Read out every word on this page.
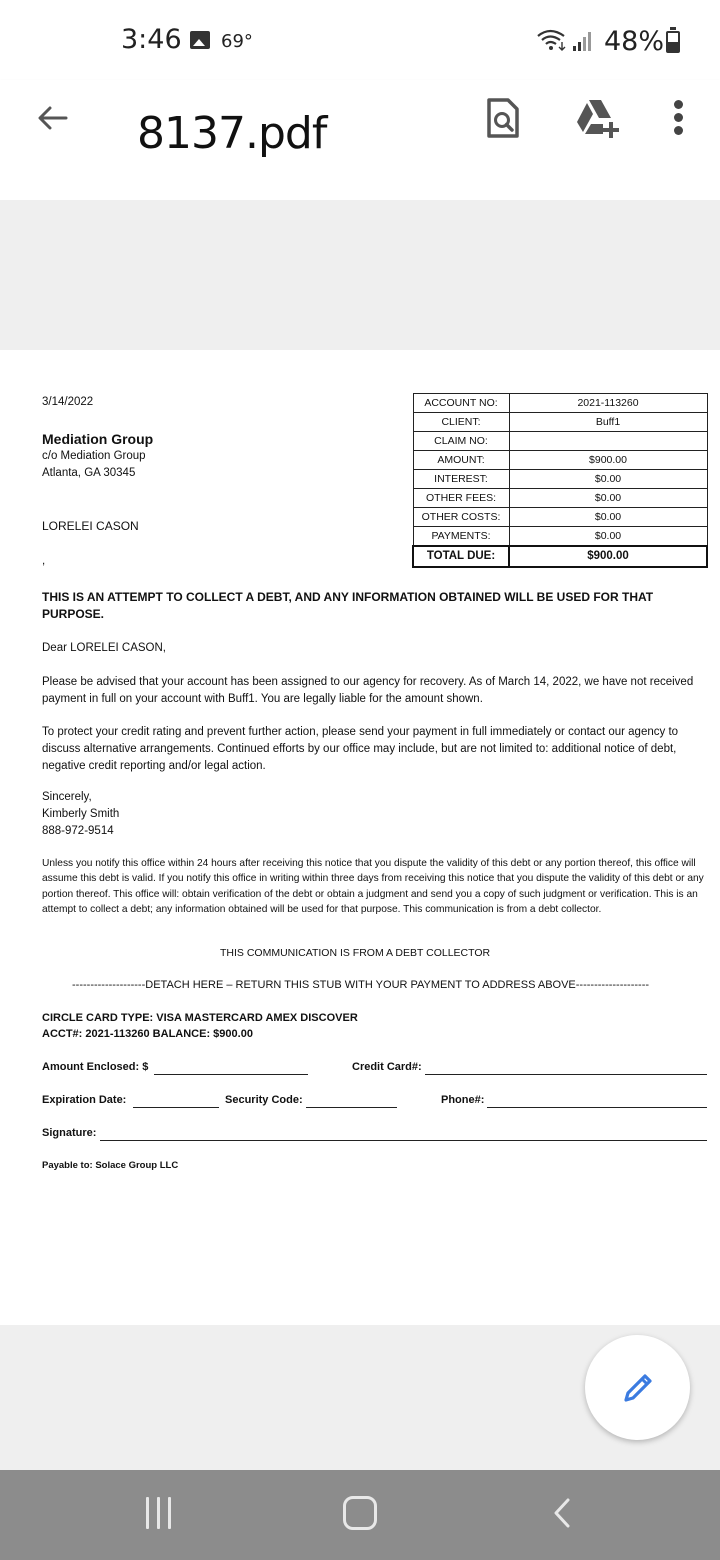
3:46 69°	48%
8137.pdf
3/14/2022
Mediation Group
c/o Mediation Group
Atlanta, GA 30345
LORELEI CASON
,
ACCOUNT NO:	2021-113260
CLIENT:	Buff1
CLAIM NO:	
AMOUNT:	$900.00
INTEREST:	$0.00
OTHER FEES:	$0.00
OTHER COSTS:	$0.00
PAYMENTS:	$0.00
TOTAL DUE:	$900.00
THIS IS AN ATTEMPT TO COLLECT A DEBT, AND ANY INFORMATION OBTAINED WILL BE USED FOR THAT PURPOSE.
Dear LORELEI CASON,
Please be advised that your account has been assigned to our agency for recovery. As of March 14, 2022, we have not received payment in full on your account with Buff1. You are legally liable for the amount shown.
To protect your credit rating and prevent further action, please send your payment in full immediately or contact our agency to discuss alternative arrangements. Continued efforts by our office may include, but are not limited to: additional notice of debt, negative credit reporting and/or legal action.
Sincerely,
Kimberly Smith
888-972-9514
Unless you notify this office within 24 hours after receiving this notice that you dispute the validity of this debt or any portion thereof, this office will assume this debt is valid. If you notify this office in writing within three days from receiving this notice that you dispute the validity of this debt or any portion thereof. This office will: obtain verification of the debt or obtain a judgment and send you a copy of such judgment or verification. This is an attempt to collect a debt; any information obtained will be used for that purpose. This communication is from a debt collector.
THIS COMMUNICATION IS FROM A DEBT COLLECTOR
--------------------DETACH HERE – RETURN THIS STUB WITH YOUR PAYMENT TO ADDRESS ABOVE--------------------
CIRCLE CARD TYPE: VISA MASTERCARD AMEX DISCOVER
ACCT#: 2021-113260 BALANCE: $900.00
Amount Enclosed: $	Credit Card#:
Expiration Date:	Security Code:	Phone#:
Signature:
Payable to: Solace Group LLC
